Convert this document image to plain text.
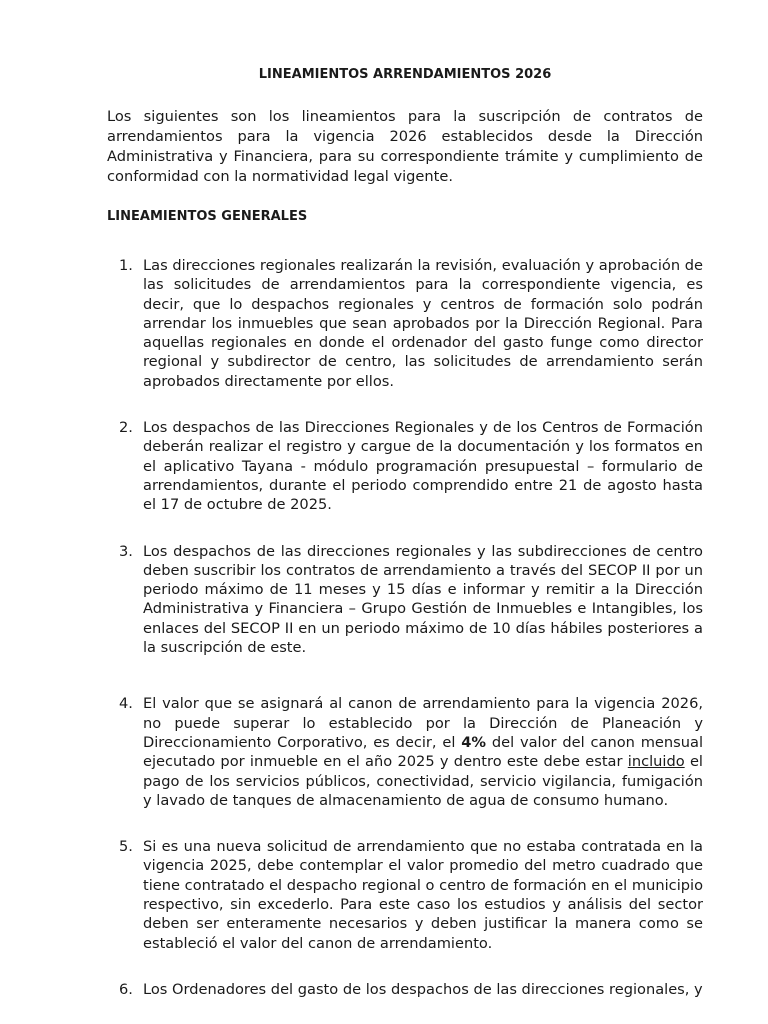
LINEAMIENTOS ARRENDAMIENTOS 2026

Los siguientes son los lineamientos para la suscripción de contratos de arrendamientos para la vigencia 2026 establecidos desde la Dirección Administrativa y Financiera, para su correspondiente trámite y cumplimiento de conformidad con la normatividad legal vigente.

LINEAMIENTOS GENERALES
1. Las direcciones regionales realizarán la revisión, evaluación y aprobación de las solicitudes de arrendamientos para la correspondiente vigencia, es decir, que lo despachos regionales y centros de formación solo podrán arrendar los inmuebles que sean aprobados por la Dirección Regional. Para aquellas regionales en donde el ordenador del gasto funge como director regional y subdirector de centro, las solicitudes de arrendamiento serán aprobados directamente por ellos.
2. Los despachos de las Direcciones Regionales y de los Centros de Formación deberán realizar el registro y cargue de la documentación y los formatos en el aplicativo Tayana - módulo programación presupuestal – formulario de arrendamientos, durante el periodo comprendido entre 21 de agosto hasta el 17 de octubre de 2025.
3. Los despachos de las direcciones regionales y las subdirecciones de centro deben suscribir los contratos de arrendamiento a través del SECOP II por un periodo máximo de 11 meses y 15 días e informar y remitir a la Dirección Administrativa y Financiera – Grupo Gestión de Inmuebles e Intangibles, los enlaces del SECOP II en un periodo máximo de 10 días hábiles posteriores a la suscripción de este.
4. El valor que se asignará al canon de arrendamiento para la vigencia 2026, no puede superar lo establecido por la Dirección de Planeación y Direccionamiento Corporativo, es decir, el 4% del valor del canon mensual ejecutado por inmueble en el año 2025 y dentro este debe estar incluido el pago de los servicios públicos, conectividad, servicio vigilancia, fumigación y lavado de tanques de almacenamiento de agua de consumo humano.
5. Si es una nueva solicitud de arrendamiento que no estaba contratada en la vigencia 2025, debe contemplar el valor promedio del metro cuadrado que tiene contratado el despacho regional o centro de formación en el municipio respectivo, sin excederlo. Para este caso los estudios y análisis del sector deben ser enteramente necesarios y deben justificar la manera como se estableció el valor del canon de arrendamiento.
6. Los Ordenadores del gasto de los despachos de las direcciones regionales, y
